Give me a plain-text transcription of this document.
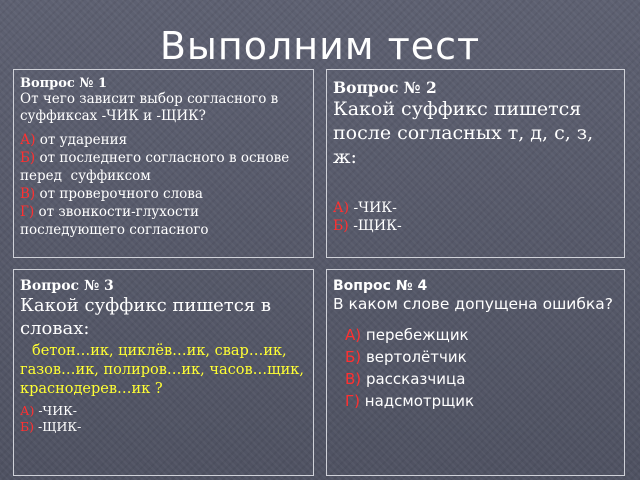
Выполним тест
Вопрос № 1
От чего зависит выбор согласного в суффиксах -ЧИК и -ЩИК?
А) от ударения
Б) от последнего согласного в основе   перед  суффиксом
В) от проверочного слова
Г) от звонкости-глухости последующего согласного
Вопрос № 2
Какой суффикс пишется после согласных т, д, с, з, ж:
А) -ЧИК-
Б) -ЩИК-
Вопрос № 3
Какой суффикс пишется в словах:
бетон…ик, циклёв…ик, свар…ик, газов…ик, полиров…ик, часов…щик, краснодерев…ик ?
А) -ЧИК-
Б) -ЩИК-
Вопрос № 4
В каком слове допущена ошибка?
А) перебежщик
Б) вертолётчик
В) рассказчица
Г) надсмотрщик
